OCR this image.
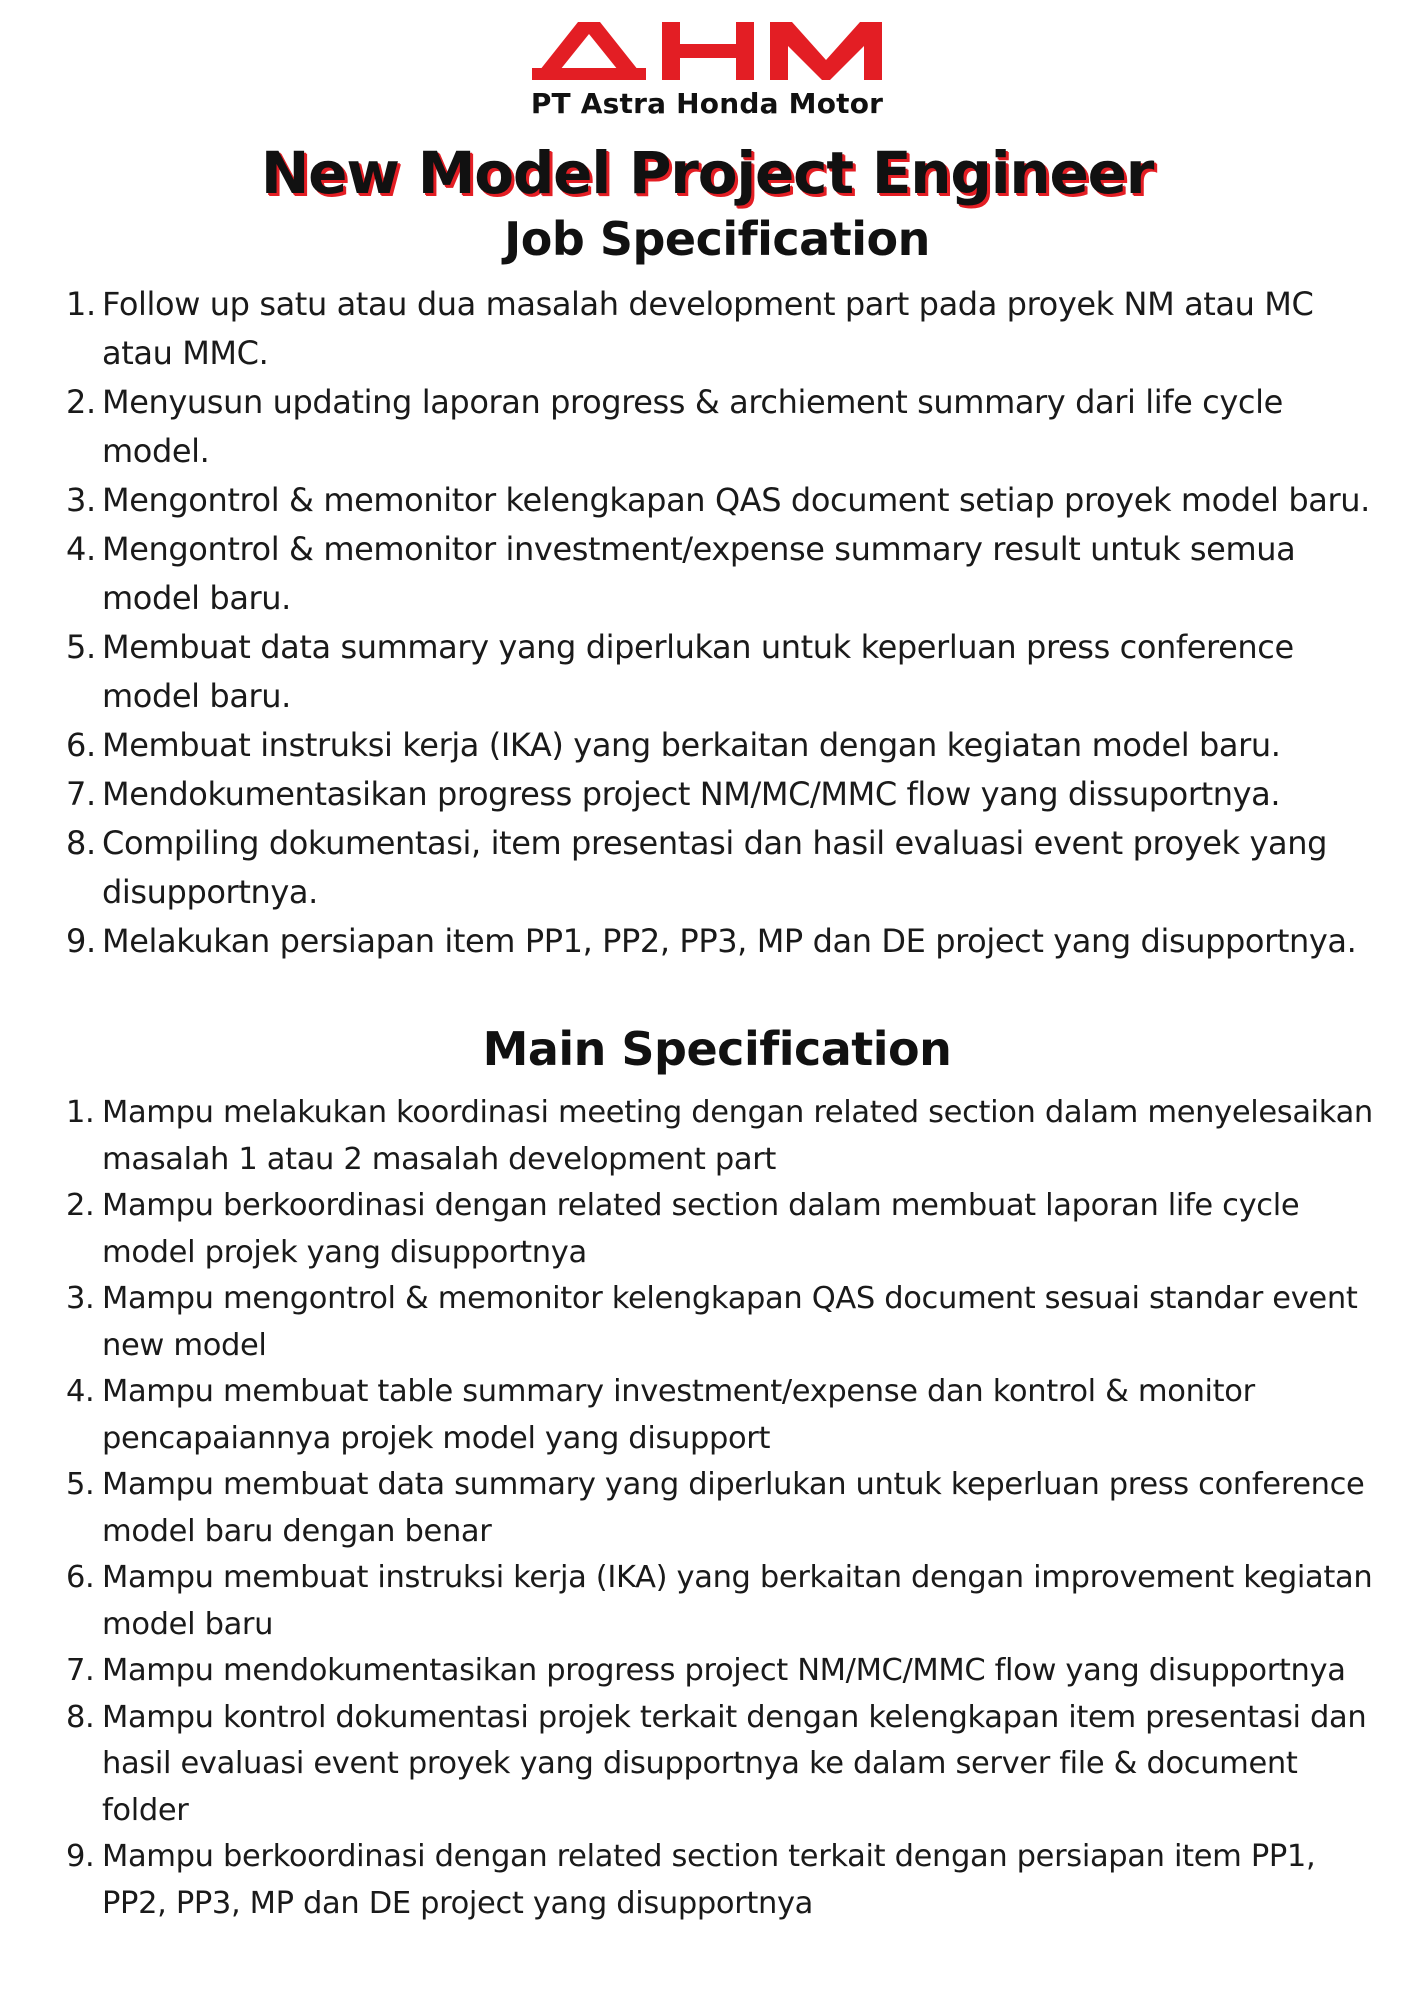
PT Astra Honda Motor
New Model Project Engineer
Job Specification
1. Follow up satu atau dua masalah development part pada proyek NM atau MC atau MMC.
2. Menyusun updating laporan progress & archiement summary dari life cycle model.
3. Mengontrol & memonitor kelengkapan QAS document setiap proyek model baru.
4. Mengontrol & memonitor investment/expense summary result untuk semua model baru.
5. Membuat data summary yang diperlukan untuk keperluan press conference model baru.
6. Membuat instruksi kerja (IKA) yang berkaitan dengan kegiatan model baru.
7. Mendokumentasikan progress project NM/MC/MMC flow yang dissuportnya.
8. Compiling dokumentasi, item presentasi dan hasil evaluasi event proyek yang disupportnya.
9. Melakukan persiapan item PP1, PP2, PP3, MP dan DE project yang disupportnya.
Main Specification
1. Mampu melakukan koordinasi meeting dengan related section dalam menyelesaikan masalah 1 atau 2 masalah development part
2. Mampu berkoordinasi dengan related section dalam membuat laporan life cycle model projek yang disupportnya
3. Mampu mengontrol & memonitor kelengkapan QAS document sesuai standar event new model
4. Mampu membuat table summary investment/expense dan kontrol & monitor pencapaiannya projek model yang disupport
5. Mampu membuat data summary yang diperlukan untuk keperluan press conference model baru dengan benar
6. Mampu membuat instruksi kerja (IKA) yang berkaitan dengan improvement kegiatan model baru
7. Mampu mendokumentasikan progress project NM/MC/MMC flow yang disupportnya
8. Mampu kontrol dokumentasi projek terkait dengan kelengkapan item presentasi dan hasil evaluasi event proyek yang disupportnya ke dalam server file & document folder
9. Mampu berkoordinasi dengan related section terkait dengan persiapan item PP1, PP2, PP3, MP dan DE project yang disupportnya
